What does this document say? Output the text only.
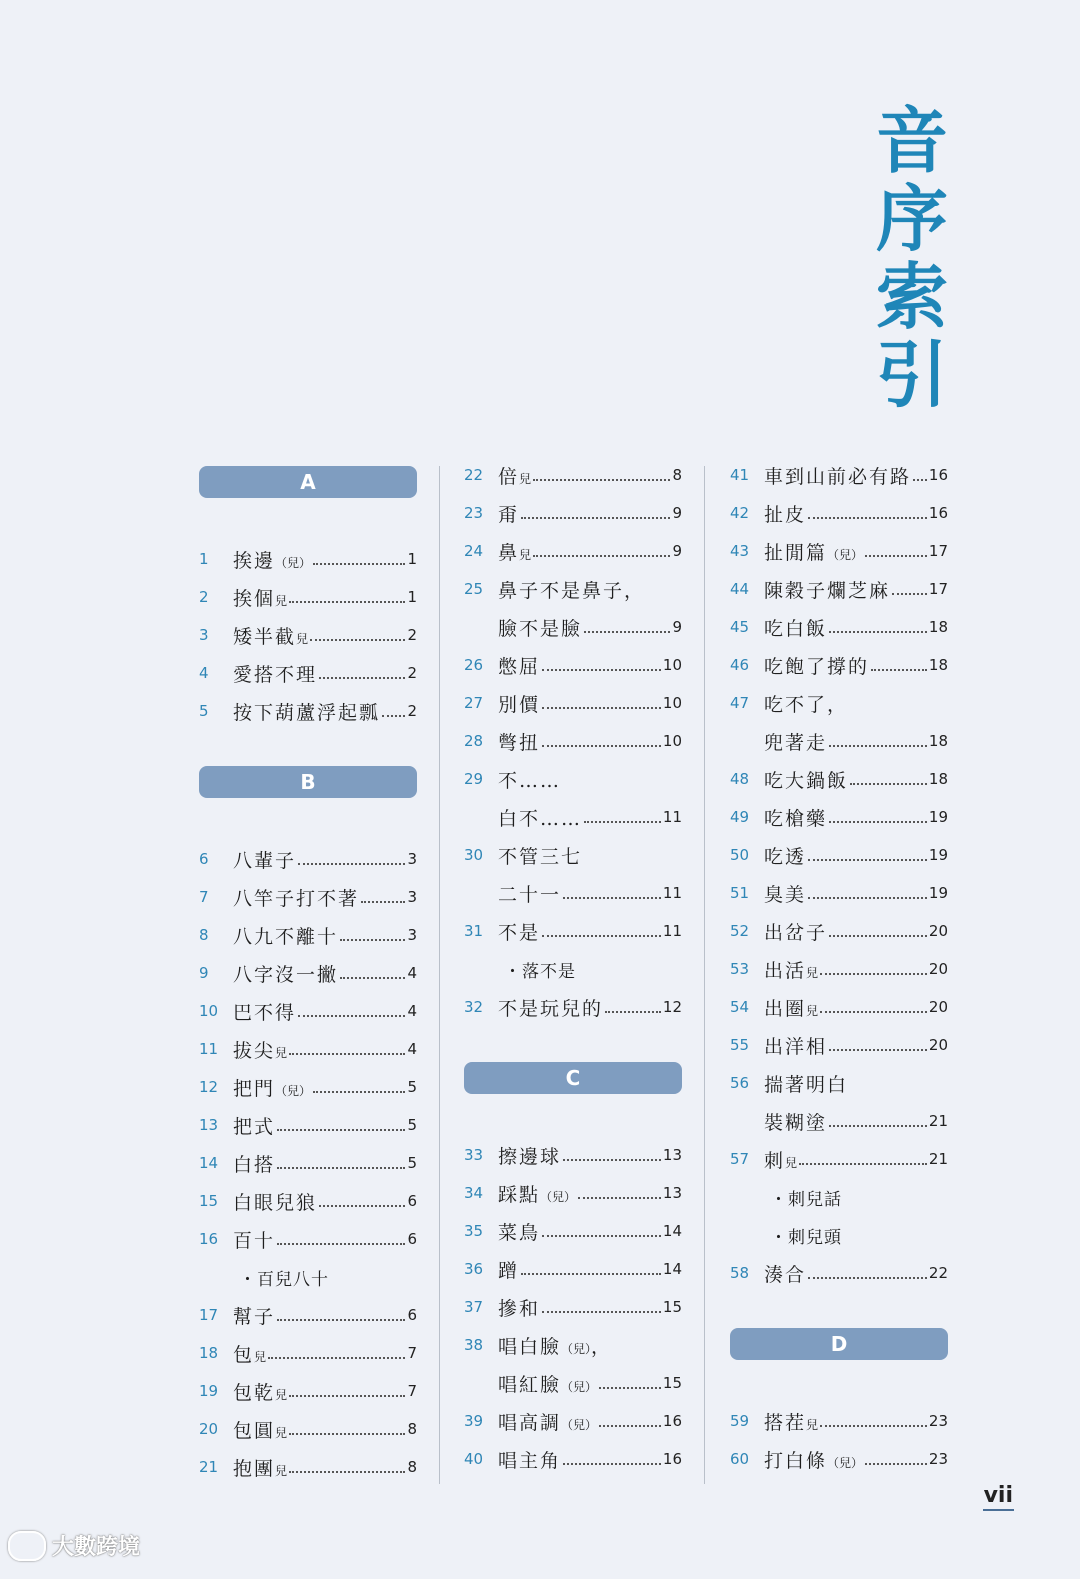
音
序
索
引
A
1	挨邊（兒）	1
2	挨個兒	1
3	矮半截兒	2
4	愛搭不理	2
5	按下葫蘆浮起瓢 2
B
6	八輩子	3
7	八竿子打不著	3
8	八九不離十	3
9	八字沒一撇	4
10 巴不得	4
11 拔尖兒	4
12 把門（兒）	5
13 把式	5
14 白搭	5
15 白眼兒狼	6
16 百十	6
・百兒八十
17 幫子	6
18 包兒	7
19 包乾兒	7
20 包圓兒	8
21 抱團兒	8
22 倍兒	8
23 甭	9
24 鼻兒	9
25 鼻子不是鼻子，
臉不是臉	9
26 憋屈	10
27 別價	10
28 彆扭	10
29 不……
白不……	11
30 不管三七
二十一	11
31 不是	11
・落不是
32 不是玩兒的	12
C
33 擦邊球	13
34 踩點（兒）	13
35 菜鳥	14
36 蹭	14
37 摻和	15
38 唱白臉（兒），
唱紅臉（兒）	15
39 唱高調（兒）	16
40 唱主角	16
41 車到山前必有路 16
42 扯皮	16
43 扯閒篇（兒）	17
44 陳穀子爛芝麻	17
45 吃白飯	18
46 吃飽了撐的	18
47 吃不了，
兜著走	18
48 吃大鍋飯	18
49 吃槍藥	19
50 吃透	19
51 臭美	19
52 出岔子	20
53 出活兒	20
54 出圈兒	20
55 出洋相	20
56 揣著明白
裝糊塗	21
57 刺兒	21
・刺兒話
・刺兒頭
58 湊合	22
D
59 搭茬兒	23
60 打白條（兒）	23
vii
大數跨境
